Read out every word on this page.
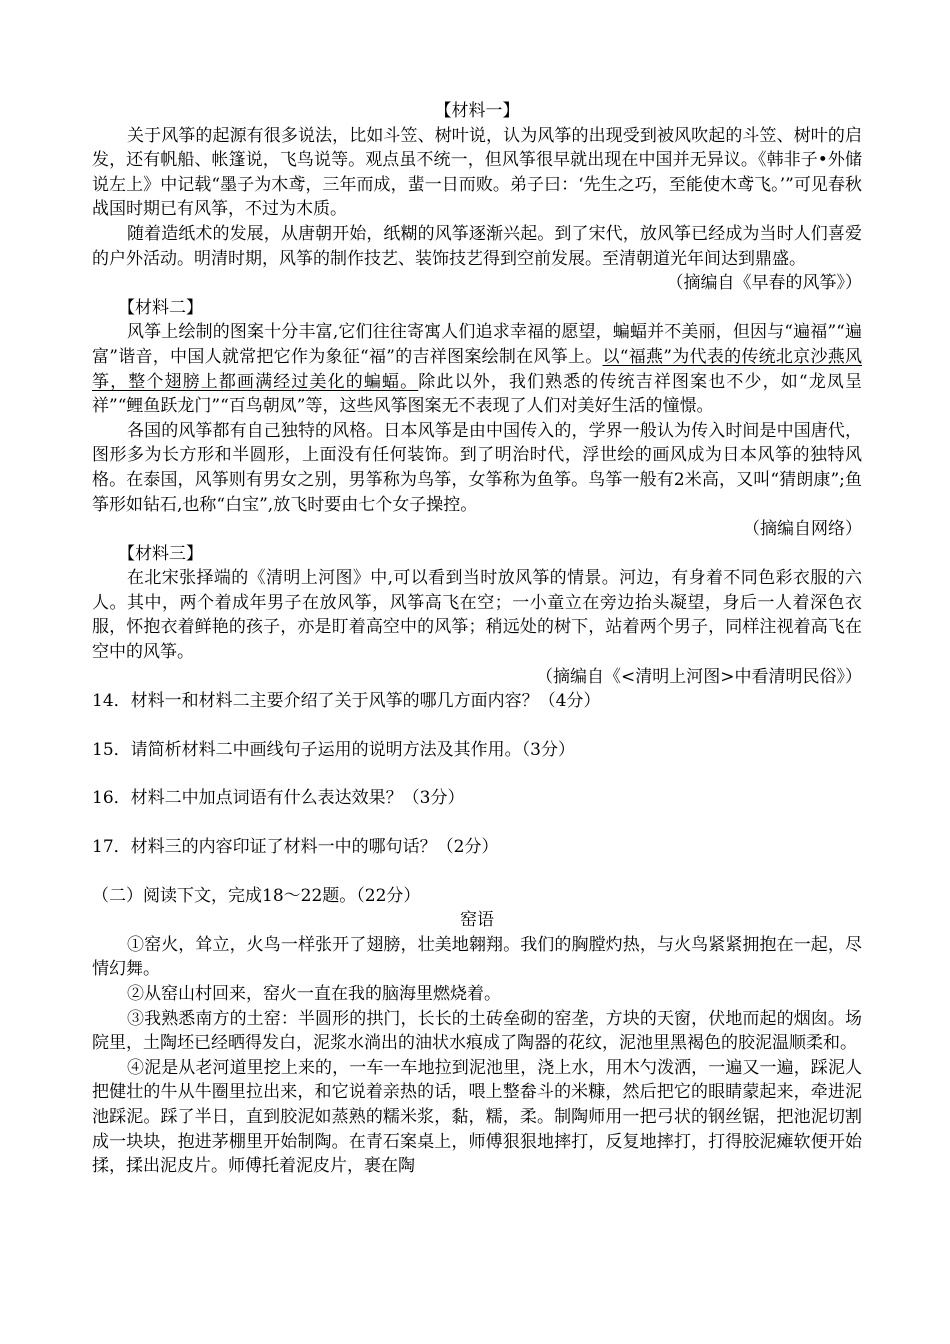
【材料一】

关于风筝的起源有很多说法，比如斗笠、树叶说，认为风筝的出现受到被风吹起的斗笠、树叶的启发，还有帆船、帐篷说，飞鸟说等。观点虽不统一，但风筝很早就出现在中国并无异议。《韩非子•外储说左上》中记载“墨子为木鸢，三年而成，蜚一日而败。弟子曰：‘先生之巧，至能使木鸢飞。’”可见春秋战国时期已有风筝，不过为木质。

随着造纸术的发展，从唐朝开始，纸糊的风筝逐渐兴起。到了宋代，放风筝已经成为当时人们喜爱的户外活动。明清时期，风筝的制作技艺、装饰技艺得到空前发展。至清朝道光年间达到鼎盛。

（摘编自《早春的风筝》）

【材料二】

风筝上绘制的图案十分丰富,它们往往寄寓人们追求幸福的愿望，蝙蝠并不美丽，但因与“遍福”“遍富”谐音，中国人就常把它作为象征“福”的吉祥图案绘制在风筝上。以“福燕”为代表的传统北京沙燕风筝，整个翅膀上都画满经过美化的蝙蝠。除此以外，我们熟悉的传统吉祥图案也不少，如“龙凤呈祥”“鲤鱼跃龙门”“百鸟朝凤”等，这些风筝图案无不表现了人们对美好生活的憧憬。

各国的风筝都有自己独特的风格。日本风筝是由中国传入的，学界一般认为传入时间是中国唐代，图形多为长方形和半圆形，上面没有任何装饰。到了明治时代，浮世绘的画风成为日本风筝的独特风格。在泰国，风筝则有男女之别，男筝称为鸟筝，女筝称为鱼筝。鸟筝一般有2米高，又叫“猜朗康”;鱼筝形如钻石,也称“白宝”,放飞时要由七个女子操控。

（摘编自网络）

【材料三】

在北宋张择端的《清明上河图》中,可以看到当时放风筝的情景。河边，有身着不同色彩衣服的六人。其中，两个着成年男子在放风筝，风筝高飞在空；一小童立在旁边抬头凝望，身后一人着深色衣服，怀抱衣着鲜艳的孩子，亦是盯着高空中的风筝；稍远处的树下，站着两个男子，同样注视着高飞在空中的风筝。

（摘编自《<清明上河图>中看清明民俗》）

14．材料一和材料二主要介绍了关于风筝的哪几方面内容？（4分）

15．请简析材料二中画线句子运用的说明方法及其作用。（3分）

16．材料二中加点词语有什么表达效果？（3分）

17．材料三的内容印证了材料一中的哪句话？（2分）

（二）阅读下文，完成18～22题。（22分）

窑语

①窑火，耸立，火鸟一样张开了翅膀，壮美地翱翔。我们的胸膛灼热，与火鸟紧紧拥抱在一起，尽情幻舞。

②从窑山村回来，窑火一直在我的脑海里燃烧着。

③我熟悉南方的土窑：半圆形的拱门，长长的土砖垒砌的窑垄，方块的天窗，伏地而起的烟囱。场院里，土陶坯已经晒得发白，泥浆水淌出的油状水痕成了陶器的花纹，泥池里黑褐色的胶泥温顺柔和。

④泥是从老河道里挖上来的，一车一车地拉到泥池里，浇上水，用木勺泼洒，一遍又一遍，踩泥人把健壮的牛从牛圈里拉出来，和它说着亲热的话，喂上整畚斗的米糠，然后把它的眼睛蒙起来，牵进泥池踩泥。踩了半日，直到胶泥如蒸熟的糯米浆，黏，糯，柔。制陶师用一把弓状的钢丝锯，把池泥切割成一块块，抱进茅棚里开始制陶。在青石案桌上，师傅狠狠地摔打，反复地摔打，打得胶泥瘫软便开始揉，揉出泥皮片。师傅托着泥皮片，裹在陶
